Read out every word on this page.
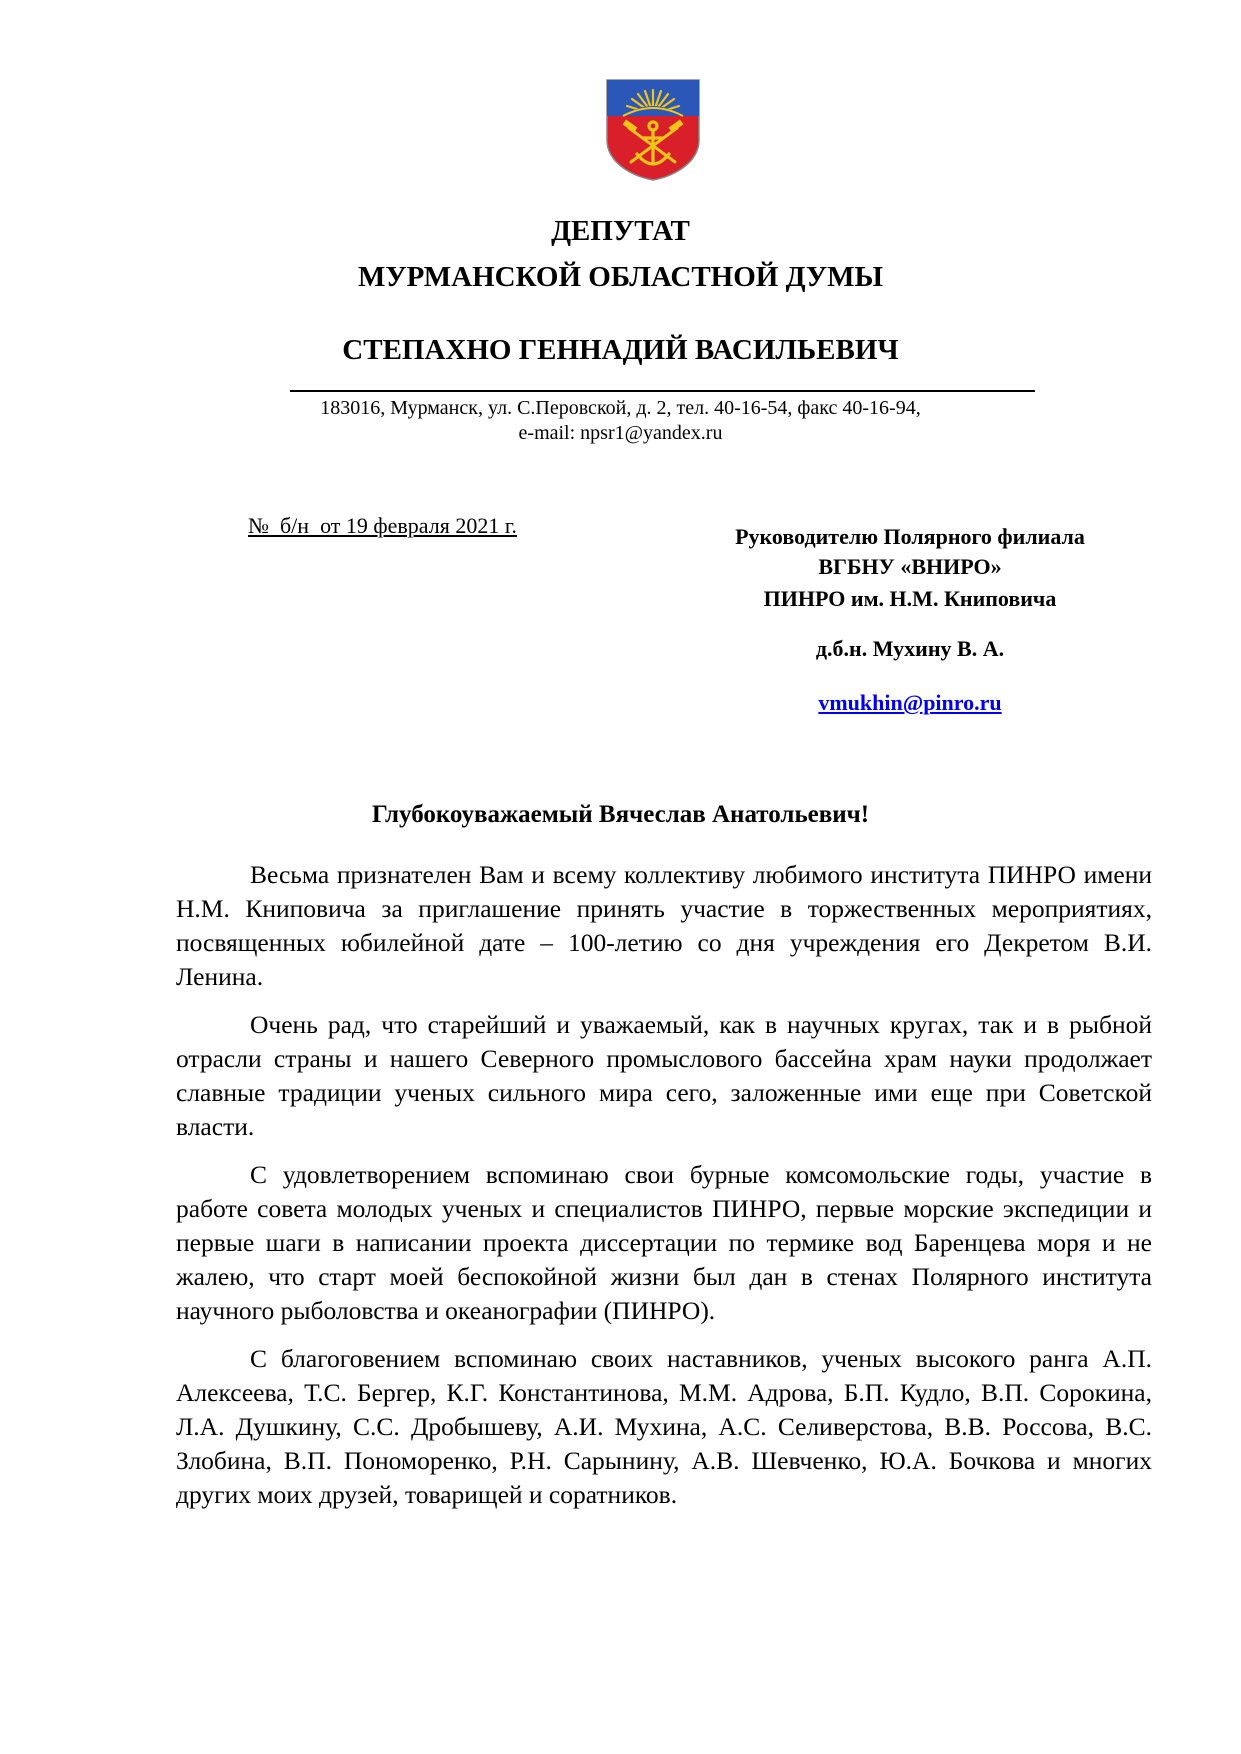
ДЕПУТАТ
МУРМАНСКОЙ ОБЛАСТНОЙ ДУМЫ
СТЕПАХНО ГЕННАДИЙ ВАСИЛЬЕВИЧ
183016, Мурманск, ул. С.Перовской, д. 2, тел. 40-16-54, факс 40-16-94,
e-mail: npsr1@yandex.ru
№  б/н  от 19 февраля 2021 г.	Руководителю Полярного филиала
ВГБНУ «ВНИРО»
ПИНРО им. Н.М. Книповича
д.б.н. Мухину В. А.
vmukhin@pinro.ru
Глубокоуважаемый Вячеслав Анатольевич!

Весьма признателен Вам и всему коллективу любимого института ПИНРО имени Н.М. Книповича за приглашение принять участие в торжественных мероприятиях, посвященных юбилейной дате – 100-летию со дня учреждения его Декретом В.И. Ленина.

Очень рад, что старейший и уважаемый, как в научных кругах, так и в рыбной отрасли страны и нашего Северного промыслового бассейна храм науки продолжает славные традиции ученых сильного мира сего, заложенные ими еще при Советской власти.

С удовлетворением вспоминаю свои бурные комсомольские годы, участие в работе совета молодых ученых и специалистов ПИНРО, первые морские экспедиции и первые шаги в написании проекта диссертации по термике вод Баренцева моря и не жалею, что старт моей беспокойной жизни был дан в стенах Полярного института научного рыболовства и океанографии (ПИНРО).

С благоговением вспоминаю своих наставников, ученых высокого ранга А.П. Алексеева, Т.С. Бергер, К.Г. Константинова, М.М. Адрова, Б.П. Кудло, В.П. Сорокина, Л.А. Душкину, С.С. Дробышеву, А.И. Мухина, А.С. Селиверстова, В.В. Россова, В.С. Злобина, В.П. Пономоренко, Р.Н. Сарынину, А.В. Шевченко, Ю.А. Бочкова и многих других моих друзей, товарищей и соратников.
